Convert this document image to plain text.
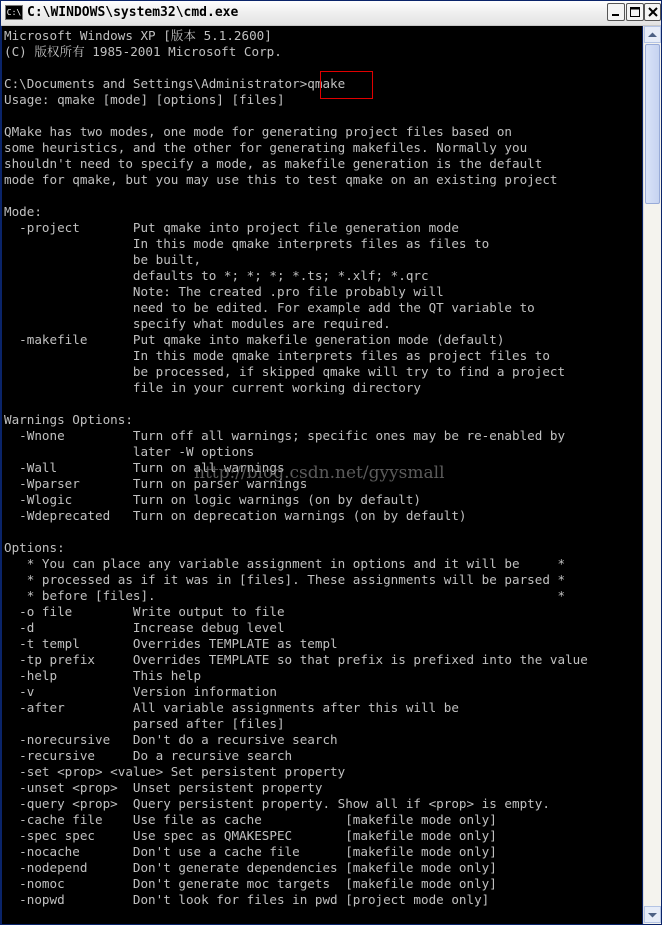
C:\ C:\WINDOWS\system32\cmd.exe
Microsoft Windows XP [版本 5.1.2600]
(C) 版权所有 1985-2001 Microsoft Corp.
C:\Documents and Settings\Administrator>qmake
Usage: qmake [mode] [options] [files]
QMake has two modes, one mode for generating project files based on
some heuristics, and the other for generating makefiles. Normally you
shouldn't need to specify a mode, as makefile generation is the default
mode for qmake, but you may use this to test qmake on an existing project
Mode:
-project       Put qmake into project file generation mode
In this mode qmake interprets files as files to
be built,
defaults to *; *; *; *.ts; *.xlf; *.qrc
Note: The created .pro file probably will
need to be edited. For example add the QT variable to
specify what modules are required.
-makefile      Put qmake into makefile generation mode (default)
In this mode qmake interprets files as project files to
be processed, if skipped qmake will try to find a project
file in your current working directory
Warnings Options:
-Wnone         Turn off all warnings; specific ones may be re-enabled by
later -W options
-Wall          Turn on all warnings
-Wparser       Turn on parser warnings
-Wlogic        Turn on logic warnings (on by default)
-Wdeprecated   Turn on deprecation warnings (on by default)
Options:
* You can place any variable assignment in options and it will be     *
* processed as if it was in [files]. These assignments will be parsed *
* before [files].                                                     *
-o file        Write output to file
-d             Increase debug level
-t templ       Overrides TEMPLATE as templ
-tp prefix     Overrides TEMPLATE so that prefix is prefixed into the value
-help          This help
-v             Version information
-after         All variable assignments after this will be
parsed after [files]
-norecursive   Don't do a recursive search
-recursive     Do a recursive search
-set <prop> <value> Set persistent property
-unset <prop>  Unset persistent property
-query <prop>  Query persistent property. Show all if <prop> is empty.
-cache file    Use file as cache           [makefile mode only]
-spec spec     Use spec as QMAKESPEC       [makefile mode only]
-nocache       Don't use a cache file      [makefile mode only]
-nodepend      Don't generate dependencies [makefile mode only]
-nomoc         Don't generate moc targets  [makefile mode only]
-nopwd         Don't look for files in pwd [project mode only]
http://blog.csdn.net/gyysmall
